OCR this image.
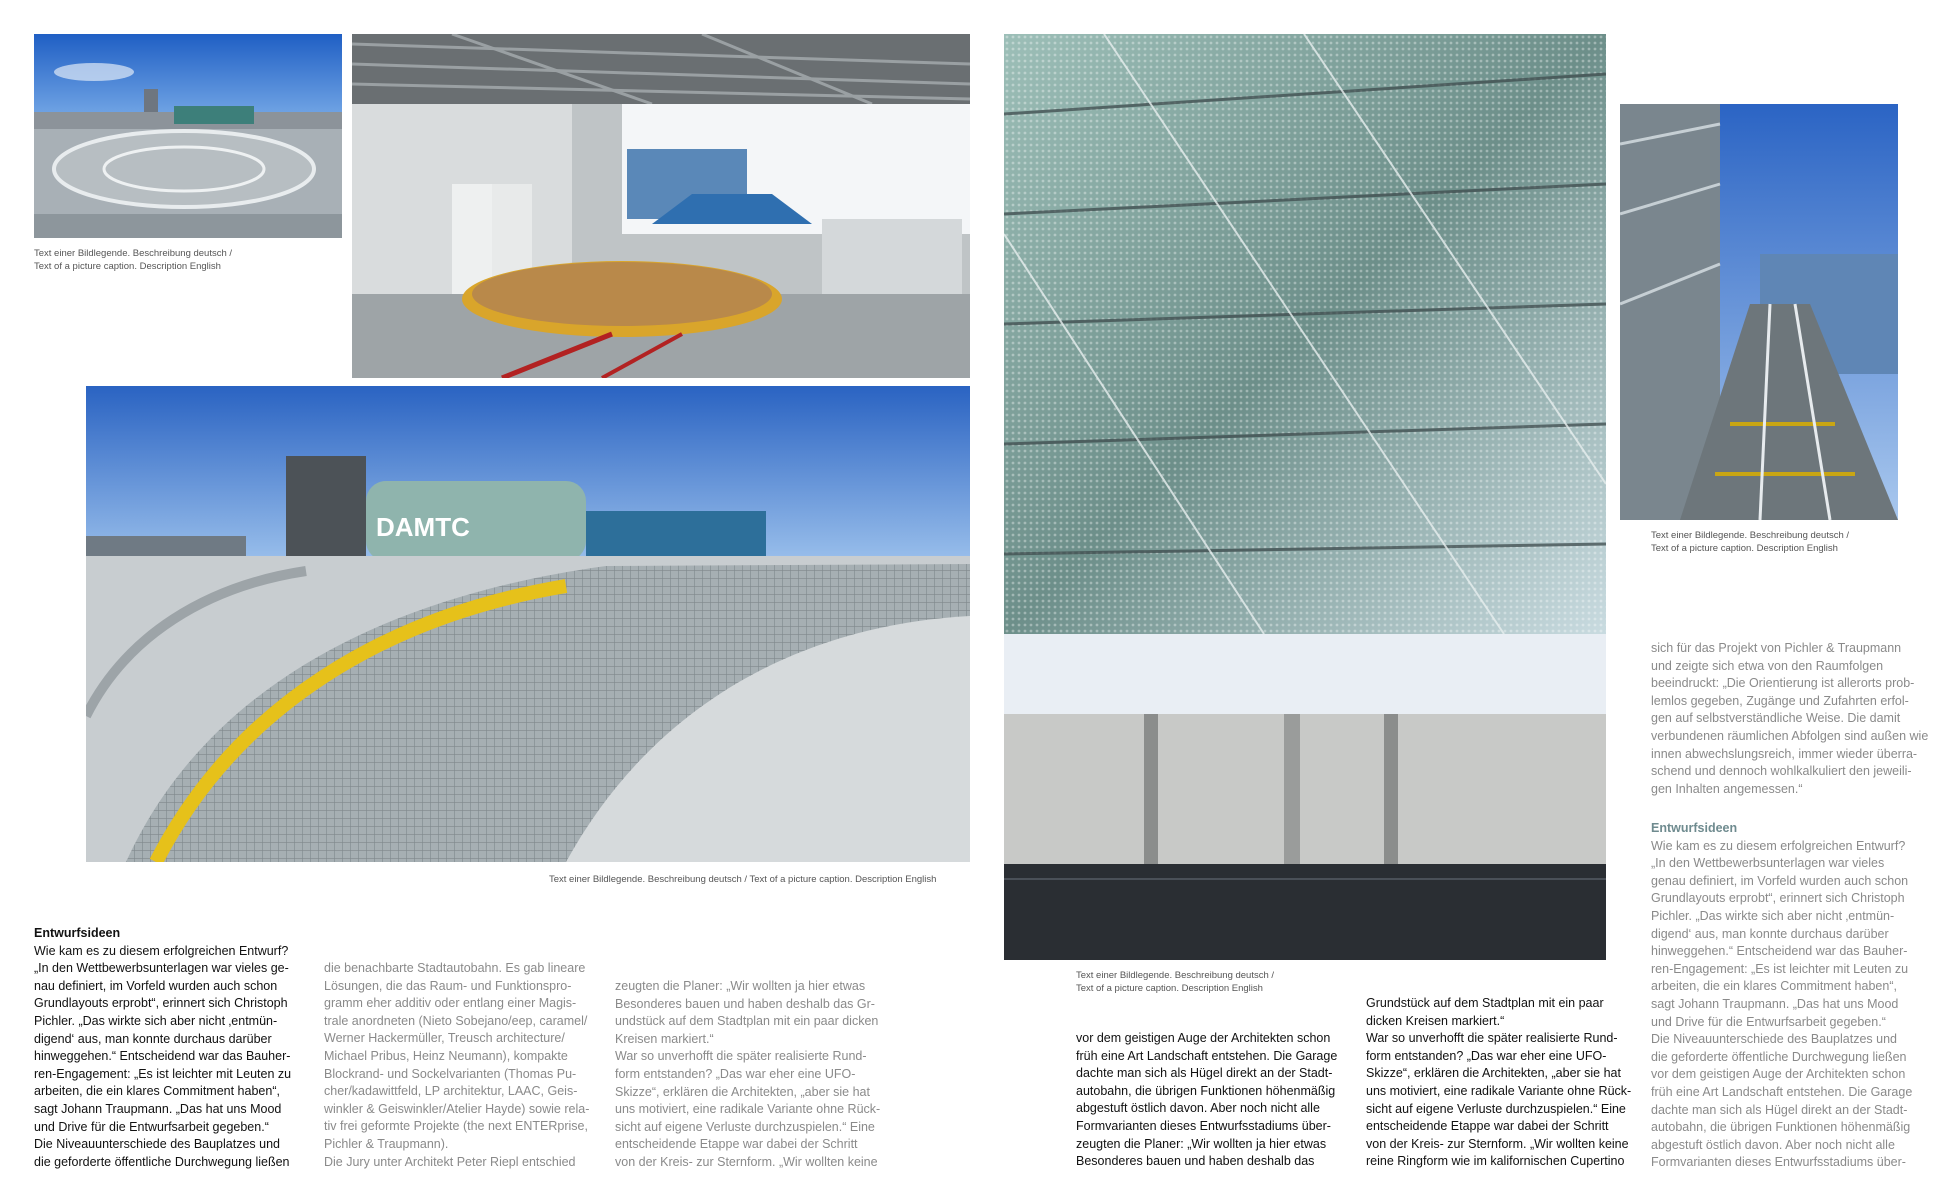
Text einer Bildlegende. Beschreibung deutsch /
Text of a picture caption. Description English
DAMTC
Text einer Bildlegende. Beschreibung deutsch / Text of a picture caption. Description English
Text einer Bildlegende. Beschreibung deutsch /
Text of a picture caption. Description English
Text einer Bildlegende. Beschreibung deutsch /
Text of a picture caption. Description English
Entwurfsideen
Wie kam es zu diesem erfolgreichen Entwurf?
„In den Wettbewerbsunterlagen war vieles ge-
nau definiert, im Vorfeld wurden auch schon
Grundlayouts erprobt“, erinnert sich Christoph
Pichler. „Das wirkte sich aber nicht ‚entmün-
digend‘ aus, man konnte durchaus darüber
hinweggehen.“ Entscheidend war das Bauher-
ren-Engagement: „Es ist leichter mit Leuten zu
arbeiten, die ein klares Commitment haben“,
sagt Johann Traupmann. „Das hat uns Mood
und Drive für die Entwurfsarbeit gegeben.“
Die Niveauunterschiede des Bauplatzes und
die geforderte öffentliche Durchwegung ließen
die benachbarte Stadtautobahn. Es gab lineare
Lösungen, die das Raum- und Funktionspro-
gramm eher additiv oder entlang einer Magis-
trale anordneten (Nieto Sobejano/eep, caramel/
Werner Hackermüller, Treusch architecture/
Michael Pribus, Heinz Neumann), kompakte
Blockrand- und Sockelvarianten (Thomas Pu-
cher/kadawittfeld, LP architektur, LAAC, Geis-
winkler & Geiswinkler/Atelier Hayde) sowie rela-
tiv frei geformte Projekte (the next ENTERprise,
Pichler & Traupmann).
Die Jury unter Architekt Peter Riepl entschied
zeugten die Planer: „Wir wollten ja hier etwas
Besonderes bauen und haben deshalb das Gr-
undstück auf dem Stadtplan mit ein paar dicken
Kreisen markiert.“
War so unverhofft die später realisierte Rund-
form entstanden? „Das war eher eine UFO-
Skizze“, erklären die Architekten, „aber sie hat
uns motiviert, eine radikale Variante ohne Rück-
sicht auf eigene Verluste durchzuspielen.“ Eine
entscheidende Etappe war dabei der Schritt
von der Kreis- zur Sternform. „Wir wollten keine
vor dem geistigen Auge der Architekten schon
früh eine Art Landschaft entstehen. Die Garage
dachte man sich als Hügel direkt an der Stadt-
autobahn, die übrigen Funktionen höhenmäßig
abgestuft östlich davon. Aber noch nicht alle
Formvarianten dieses Entwurfsstadiums über-
zeugten die Planer: „Wir wollten ja hier etwas
Besonderes bauen und haben deshalb das
Grundstück auf dem Stadtplan mit ein paar
dicken Kreisen markiert.“
War so unverhofft die später realisierte Rund-
form entstanden? „Das war eher eine UFO-
Skizze“, erklären die Architekten, „aber sie hat
uns motiviert, eine radikale Variante ohne Rück-
sicht auf eigene Verluste durchzuspielen.“ Eine
entscheidende Etappe war dabei der Schritt
von der Kreis- zur Sternform. „Wir wollten keine
reine Ringform wie im kalifornischen Cupertino
sich für das Projekt von Pichler & Traupmann
und zeigte sich etwa von den Raumfolgen
beeindruckt: „Die Orientierung ist allerorts prob-
lemlos gegeben, Zugänge und Zufahrten erfol-
gen auf selbstverständliche Weise. Die damit
verbundenen räumlichen Abfolgen sind außen wie
innen abwechslungsreich, immer wieder überra-
schend und dennoch wohlkalkuliert den jeweili-
gen Inhalten angemessen.“
Entwurfsideen
Wie kam es zu diesem erfolgreichen Entwurf?
„In den Wettbewerbsunterlagen war vieles
genau definiert, im Vorfeld wurden auch schon
Grundlayouts erprobt“, erinnert sich Christoph
Pichler. „Das wirkte sich aber nicht ‚entmün-
digend‘ aus, man konnte durchaus darüber
hinweggehen.“ Entscheidend war das Bauher-
ren-Engagement: „Es ist leichter mit Leuten zu
arbeiten, die ein klares Commitment haben“,
sagt Johann Traupmann. „Das hat uns Mood
und Drive für die Entwurfsarbeit gegeben.“
Die Niveauunterschiede des Bauplatzes und
die geforderte öffentliche Durchwegung ließen
vor dem geistigen Auge der Architekten schon
früh eine Art Landschaft entstehen. Die Garage
dachte man sich als Hügel direkt an der Stadt-
autobahn, die übrigen Funktionen höhenmäßig
abgestuft östlich davon. Aber noch nicht alle
Formvarianten dieses Entwurfsstadiums über-
